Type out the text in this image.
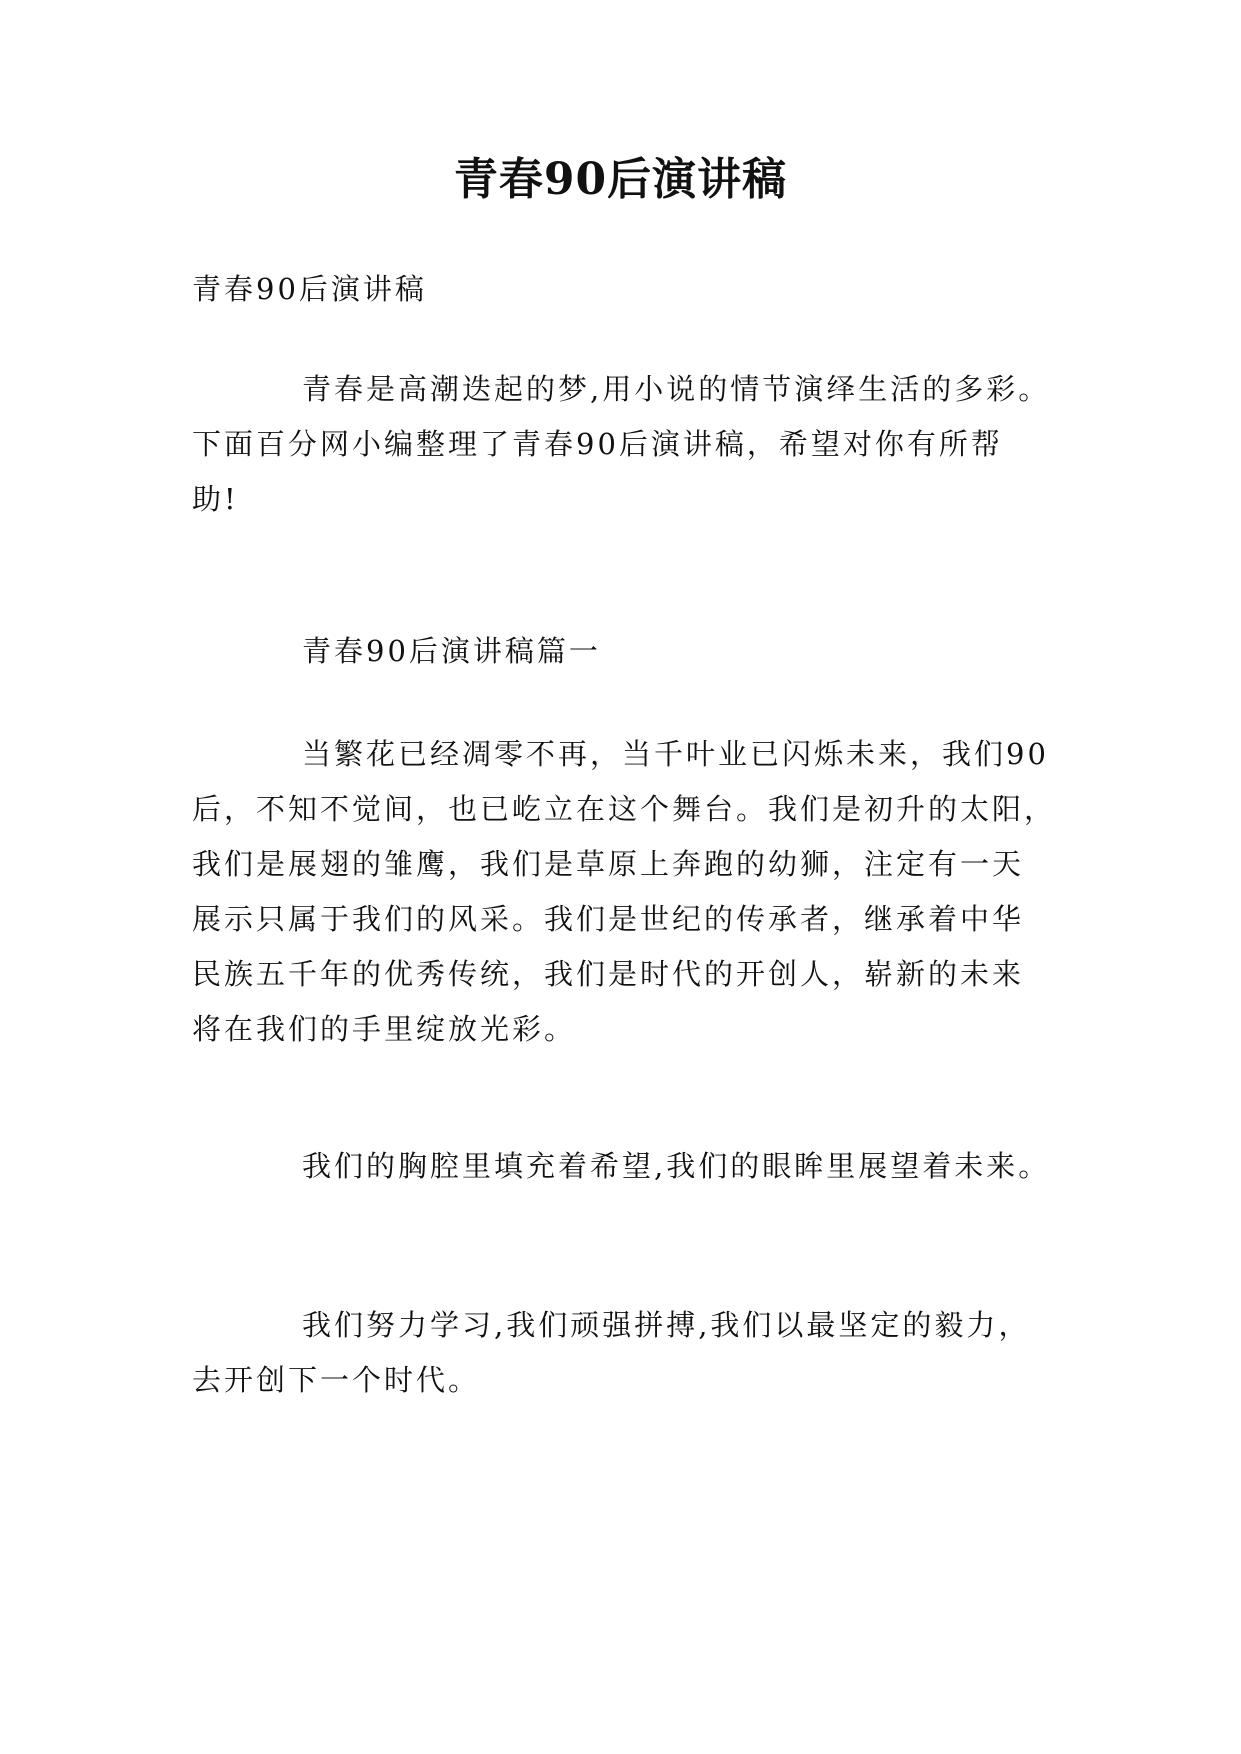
青春90后演讲稿

青春90后演讲稿

青春是高潮迭起的梦,用小说的情节演绎生活的多彩。
下面百分网小编整理了青春90后演讲稿，希望对你有所帮
助!

青春90后演讲稿篇一

当繁花已经凋零不再，当千叶业已闪烁未来，我们90
后，不知不觉间，也已屹立在这个舞台。我们是初升的太阳，
我们是展翅的雏鹰，我们是草原上奔跑的幼狮，注定有一天
展示只属于我们的风采。我们是世纪的传承者，继承着中华
民族五千年的优秀传统，我们是时代的开创人，崭新的未来
将在我们的手里绽放光彩。

我们的胸腔里填充着希望,我们的眼眸里展望着未来。

我们努力学习,我们顽强拼搏,我们以最坚定的毅力，
去开创下一个时代。
